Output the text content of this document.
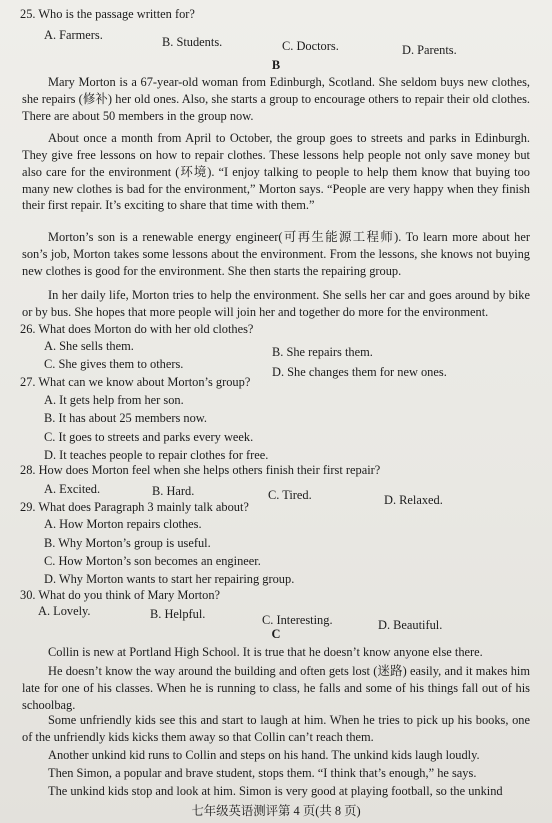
25. Who is the passage written for?
A. Farmers.	B. Students.	C. Doctors.	D. Parents.
B
Mary Morton is a 67-year-old woman from Edinburgh, Scotland. She seldom buys new clothes, she repairs (修补) her old ones. Also, she starts a group to encourage others to repair their old clothes. There are about 50 members in the group now.
About once a month from April to October, the group goes to streets and parks in Edinburgh. They give free lessons on how to repair clothes. These lessons help people not only save money but also care for the environment (环境). “I enjoy talking to people to help them know that buying too many new clothes is bad for the environment,” Morton says. “People are very happy when they finish their first repair. It’s exciting to share that time with them.”
Morton’s son is a renewable energy engineer(可再生能源工程师). To learn more about her son’s job, Morton takes some lessons about the environment. From the lessons, she knows not buying new clothes is good for the environment. She then starts the repairing group.
In her daily life, Morton tries to help the environment. She sells her car and goes around by bike or by bus. She hopes that more people will join her and together do more for the environment.
26. What does Morton do with her old clothes?
A. She sells them.	B. She repairs them.
C. She gives them to others.
D. She changes them for new ones.
27. What can we know about Morton’s group?
A. It gets help from her son.
B. It has about 25 members now.
C. It goes to streets and parks every week.
D. It teaches people to repair clothes for free.
28. How does Morton feel when she helps others finish their first repair?
A. Excited.	B. Hard.	C. Tired.	D. Relaxed.
29. What does Paragraph 3 mainly talk about?
A. How Morton repairs clothes.
B. Why Morton’s group is useful.
C. How Morton’s son becomes an engineer.
D. Why Morton wants to start her repairing group.
30. What do you think of Mary Morton?
A. Lovely.	B. Helpful.	C. Interesting.	D. Beautiful.
C
Collin is new at Portland High School. It is true that he doesn’t know anyone else there.
He doesn’t know the way around the building and often gets lost (迷路) easily, and it makes him late for one of his classes. When he is running to class, he falls and some of his things fall out of his schoolbag.
Some unfriendly kids see this and start to laugh at him. When he tries to pick up his books, one of the unfriendly kids kicks them away so that Collin can’t reach them.
Another unkind kid runs to Collin and steps on his hand. The unkind kids laugh loudly.
Then Simon, a popular and brave student, stops them. “I think that’s enough,” he says.
The unkind kids stop and look at him. Simon is very good at playing football, so the unkind
七年级英语测评第 4 页(共 8 页)
